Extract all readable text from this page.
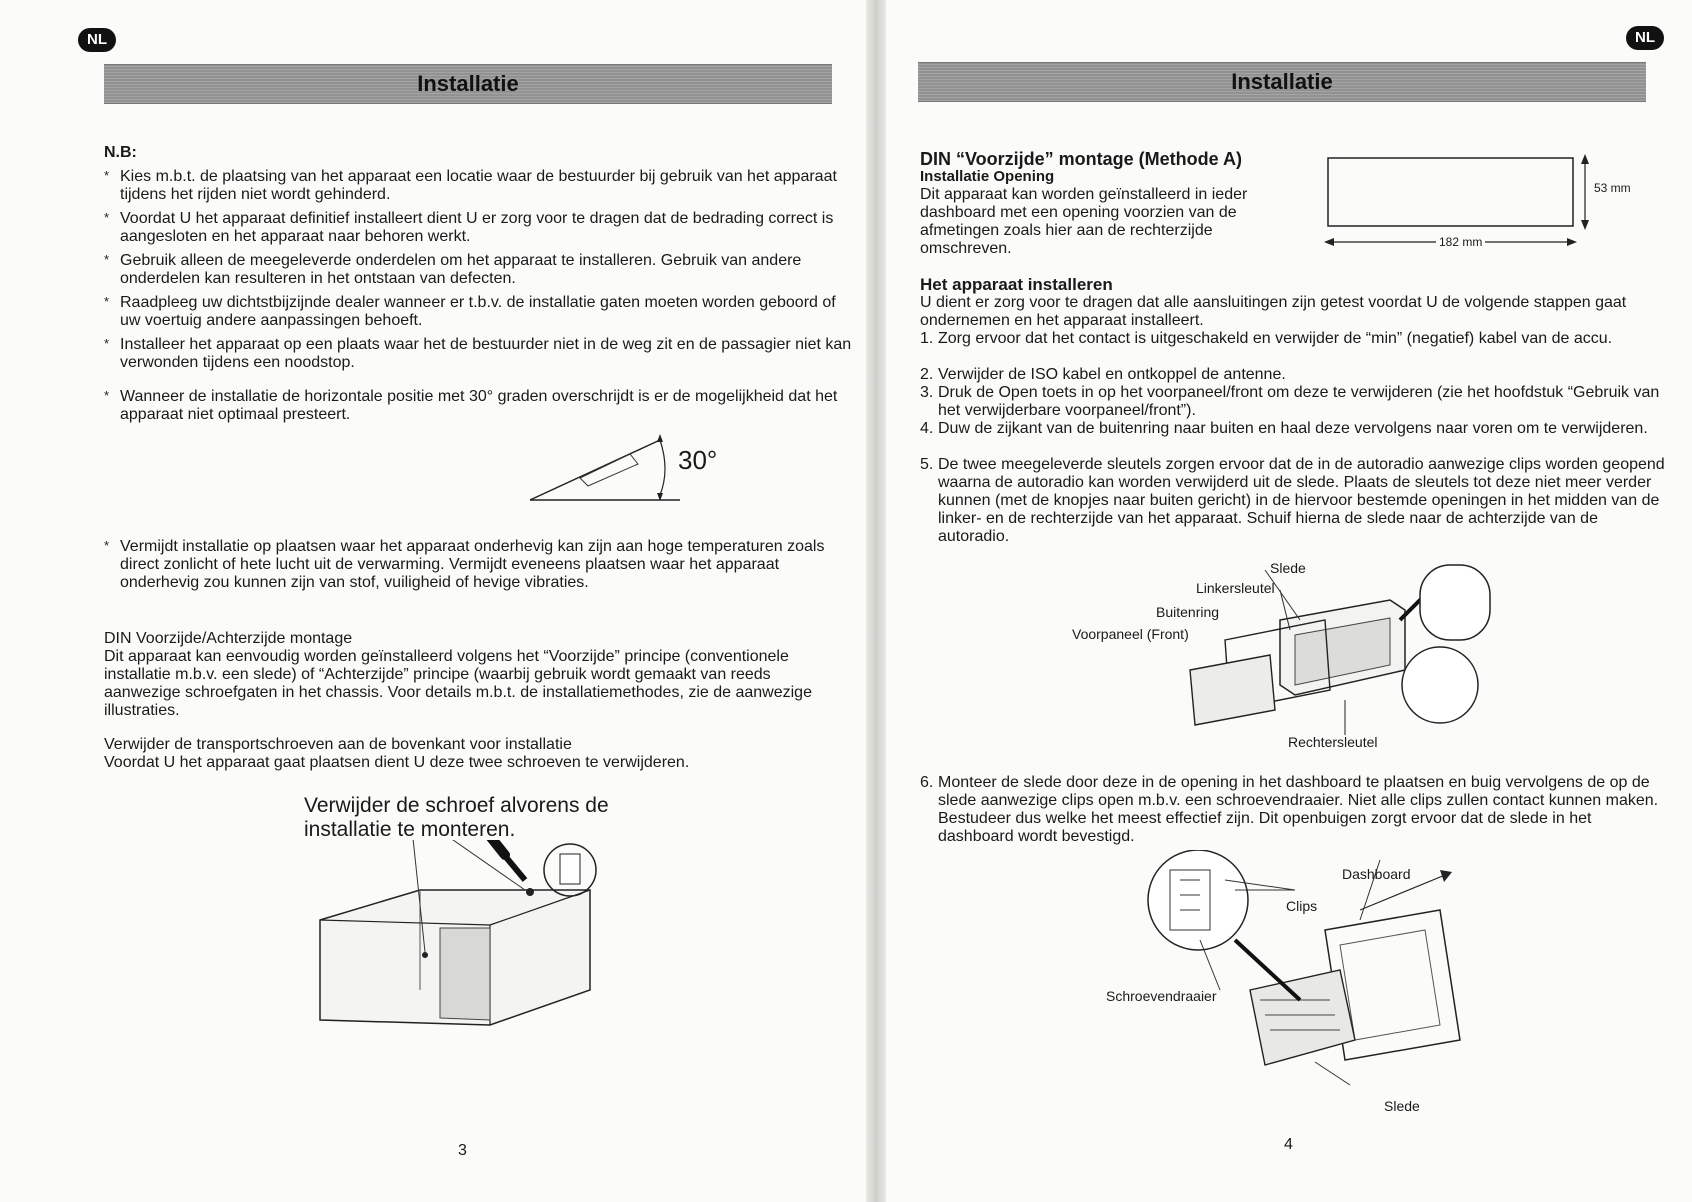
NL
Installatie
N.B:
* Kies m.b.t. de plaatsing van het apparaat een locatie waar de bestuurder bij gebruik van het apparaat tijdens het rijden niet wordt gehinderd.
* Voordat U het apparaat definitief installeert dient U er zorg voor te dragen dat de bedrading correct is aangesloten en het apparaat naar behoren werkt.
* Gebruik alleen de meegeleverde onderdelen om het apparaat te installeren. Gebruik van andere onderdelen kan resulteren in het ontstaan van defecten.
* Raadpleeg uw dichtstbijzijnde dealer wanneer er t.b.v. de installatie gaten moeten worden geboord of uw voertuig andere aanpassingen behoeft.
* Installeer het apparaat op een plaats waar het de bestuurder niet in de weg zit en de passagier niet kan verwonden tijdens een noodstop.
* Wanneer de installatie de horizontale positie met 30° graden overschrijdt is er de mogelijkheid dat het apparaat niet optimaal presteert.
30°
* Vermijdt installatie op plaatsen waar het apparaat onderhevig kan zijn aan hoge temperaturen zoals direct zonlicht of hete lucht uit de verwarming. Vermijdt eveneens plaatsen waar het apparaat onderhevig zou kunnen zijn van stof, vuiligheid of hevige vibraties.
DIN Voorzijde/Achterzijde montage
Dit apparaat kan eenvoudig worden geïnstalleerd volgens het “Voorzijde” principe (conventionele installatie m.b.v. een slede) of “Achterzijde” principe (waarbij gebruik wordt gemaakt van reeds aanwezige schroefgaten in het chassis. Voor details m.b.t. de installatiemethodes, zie de aanwezige illustraties.
Verwijder de transportschroeven aan de bovenkant voor installatie
Voordat U het apparaat gaat plaatsen dient U deze twee schroeven te verwijderen.
Verwijder de schroef alvorens de installatie te monteren.
3
NL
Installatie
DIN “Voorzijde” montage (Methode A)
Installatie Opening
Dit apparaat kan worden geïnstalleerd in ieder dashboard met een opening voorzien van de afmetingen zoals hier aan de rechterzijde omschreven.
53 mm
182 mm
Het apparaat installeren
U dient er zorg voor te dragen dat alle aansluitingen zijn getest voordat U de volgende stappen gaat ondernemen en het apparaat installeert.
1. Zorg ervoor dat het contact is uitgeschakeld en verwijder de “min” (negatief) kabel van de accu.
2. Verwijder de ISO kabel en ontkoppel de antenne.
3. Druk de Open toets in op het voorpaneel/front om deze te verwijderen (zie het hoofdstuk “Gebruik van het verwijderbare voorpaneel/front”).
4. Duw de zijkant van de buitenring naar buiten en haal deze vervolgens naar voren om te verwijderen.
5. De twee meegeleverde sleutels zorgen ervoor dat de in de autoradio aanwezige clips worden geopend waarna de autoradio kan worden verwijderd uit de slede. Plaats de sleutels tot deze niet meer verder kunnen (met de knopjes naar buiten gericht) in de hiervoor bestemde openingen in het midden van de linker- en de rechterzijde van het apparaat. Schuif hierna de slede naar de achterzijde van de autoradio.
Slede
Linkersleutel
Buitenring
Voorpaneel (Front)
Rechtersleutel
6. Monteer de slede door deze in de opening in het dashboard te plaatsen en buig vervolgens de op de slede aanwezige clips open m.b.v. een schroevendraaier. Niet alle clips zullen contact kunnen maken. Bestudeer dus welke het meest effectief zijn. Dit openbuigen zorgt ervoor dat de slede in het dashboard wordt bevestigd.
Dashboard
Clips
Schroevendraaier
Slede
4
